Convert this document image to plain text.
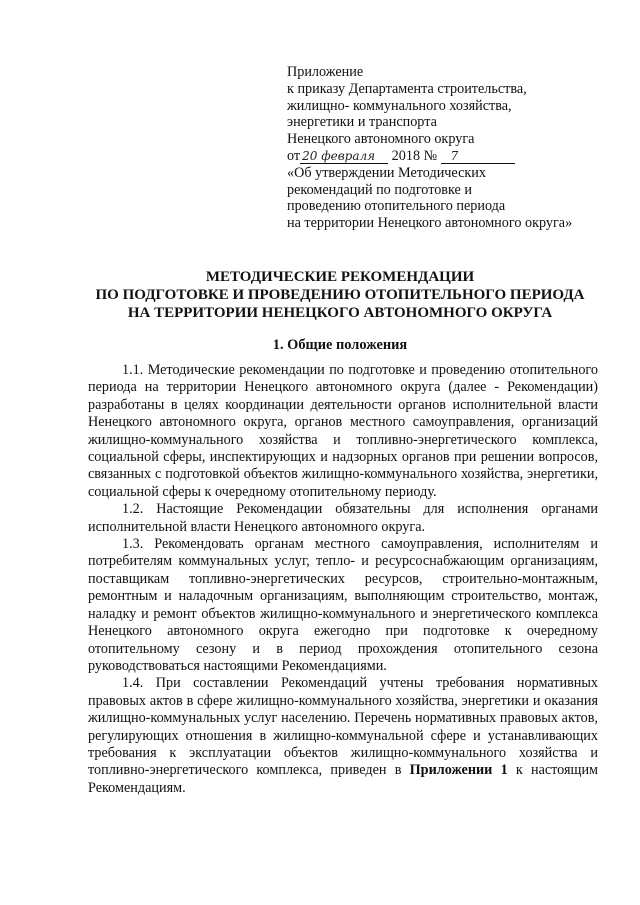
Приложение
к приказу Департамента строительства,
жилищно- коммунального хозяйства,
энергетики и транспорта
Ненецкого автономного округа
от 20 февраля 2018 № 7
«Об утверждении Методических
рекомендаций по подготовке и
проведению отопительного периода
на территории Ненецкого автономного округа»
МЕТОДИЧЕСКИЕ РЕКОМЕНДАЦИИ
ПО ПОДГОТОВКЕ И ПРОВЕДЕНИЮ ОТОПИТЕЛЬНОГО ПЕРИОДА
НА ТЕРРИТОРИИ НЕНЕЦКОГО АВТОНОМНОГО ОКРУГА
1. Общие положения

1.1. Методические рекомендации по подготовке и проведению отопительного периода на территории Ненецкого автономного округа (далее - Рекомендации) разработаны в целях координации деятельности органов исполнительной власти Ненецкого автономного округа, органов местного самоуправления, организаций жилищно-коммунального хозяйства и топливно-энергетического комплекса, социальной сферы, инспектирующих и надзорных органов при решении вопросов, связанных с подготовкой объектов жилищно-коммунального хозяйства, энергетики, социальной сферы к очередному отопительному периоду.

1.2. Настоящие Рекомендации обязательны для исполнения органами исполнительной власти Ненецкого автономного округа.

1.3. Рекомендовать органам местного самоуправления, исполнителям и потребителям коммунальных услуг, тепло- и ресурсоснабжающим организациям, поставщикам топливно-энергетических ресурсов, строительно-монтажным, ремонтным и наладочным организациям, выполняющим строительство, монтаж, наладку и ремонт объектов жилищно-коммунального и энергетического комплекса Ненецкого автономного округа ежегодно при подготовке к очередному отопительному сезону и в период прохождения отопительного сезона руководствоваться настоящими Рекомендациями.

1.4. При составлении Рекомендаций учтены требования нормативных правовых актов в сфере жилищно-коммунального хозяйства, энергетики и оказания жилищно-коммунальных услуг населению. Перечень нормативных правовых актов, регулирующих отношения в жилищно-коммунальной сфере и устанавливающих требования к эксплуатации объектов жилищно-коммунального хозяйства и топливно-энергетического комплекса, приведен в Приложении 1 к настоящим Рекомендациям.
